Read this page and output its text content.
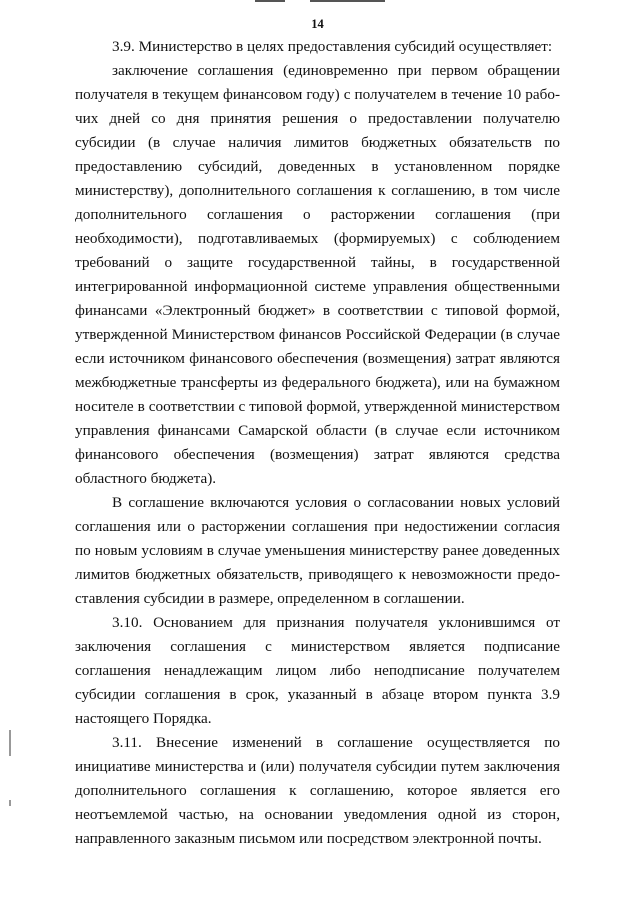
14

3.9. Министерство в целях предоставления субсидий осуществляет:

заключение соглашения (единовременно при первом обращении получателя в текущем финансовом году) с получателем в течение 10 рабочих дней со дня принятия решения о предоставлении получателю субсидии (в случае наличия лимитов бюджетных обязательств по предоставлению субсидий, доведенных в установленном порядке министерству), дополнительного соглашения к соглашению, в том числе дополнительного соглашения о расторжении соглашения (при необходимости), подготавливаемых (формируемых) с соблюдением требований о защите государственной тайны, в государственной интегрированной информационной системе управления общественными финансами «Электронный бюджет» в соответствии с типовой формой, утвержденной Министерством финансов Российской Федерации (в случае если источником финансового обеспечения (возмещения) затрат являются межбюджетные трансферты из федерального бюджета), или на бумажном носителе в соответствии с типовой формой, утвержденной министерством управления финансами Самарской области (в случае если источником финансового обеспечения (возмещения) затрат являются средства областного бюджета).

В соглашение включаются условия о согласовании новых условий соглашения или о расторжении соглашения при недостижении согласия по новым условиям в случае уменьшения министерству ранее доведенных лимитов бюджетных обязательств, приводящего к невозможности предоставления субсидии в размере, определенном в соглашении.

3.10. Основанием для признания получателя уклонившимся от заключения соглашения с министерством является подписание соглашения ненадлежащим лицом либо неподписание получателем субсидии соглашения в срок, указанный в абзаце втором пункта 3.9 настоящего Порядка.

3.11. Внесение изменений в соглашение осуществляется по инициативе министерства и (или) получателя субсидии путем заключения дополнительного соглашения к соглашению, которое является его неотъемлемой частью, на основании уведомления одной из сторон, направленного заказным письмом или посредством электронной почты.
